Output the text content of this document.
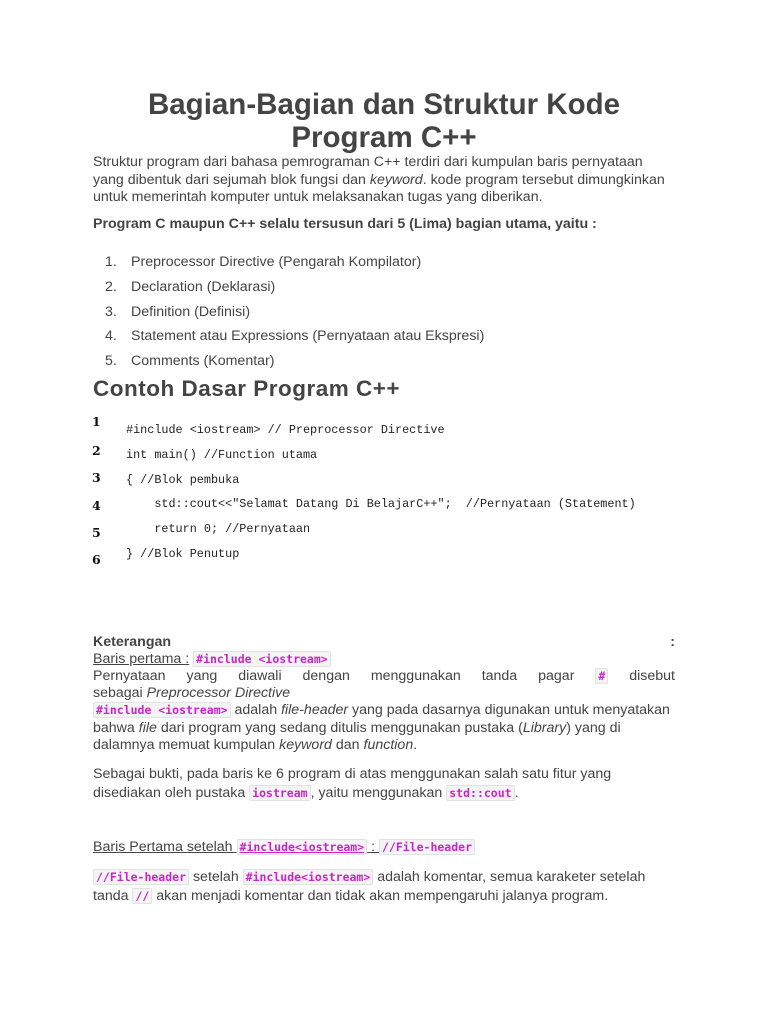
Bagian-Bagian dan Struktur Kode Program C++

Struktur program dari bahasa pemrograman C++ terdiri dari kumpulan baris pernyataan yang dibentuk dari sejumah blok fungsi dan keyword. kode program tersebut dimungkinkan untuk memerintah komputer untuk melaksanakan tugas yang diberikan.

Program C maupun C++ selalu tersusun dari 5 (Lima) bagian utama, yaitu :

1. Preprocessor Directive (Pengarah Kompilator)
2. Declaration (Deklarasi)
3. Definition (Definisi)
4. Statement atau Expressions (Pernyataan atau Ekspresi)
5. Comments (Komentar)
Contoh Dasar Program C++
1
2
3
4
5
6
#include <iostream> // Preprocessor Directive
int main() //Function utama
{ //Blok pembuka
std::cout<<"Selamat Datang Di BelajarC++";  //Pernyataan (Statement)
return 0; //Pernyataan
} //Blok Penutup
Keterangan	:

Baris pertama : #include <iostream>

Pernyataan yang diawali dengan menggunakan tanda pagar # disebut

sebagai Preprocessor Directive

#include <iostream> adalah file-header yang pada dasarnya digunakan untuk menyatakan bahwa file dari program yang sedang ditulis menggunakan pustaka (Library) yang di dalamnya memuat kumpulan keyword dan function.

Sebagai bukti, pada baris ke 6 program di atas menggunakan salah satu fitur yang disediakan oleh pustaka iostream , yaitu menggunakan std::cout .

Baris Pertama setelah #include<iostream> : //File-header

//File-header setelah #include<iostream> adalah komentar, semua karaketer setelah tanda // akan menjadi komentar dan tidak akan mempengaruhi jalanya program.
